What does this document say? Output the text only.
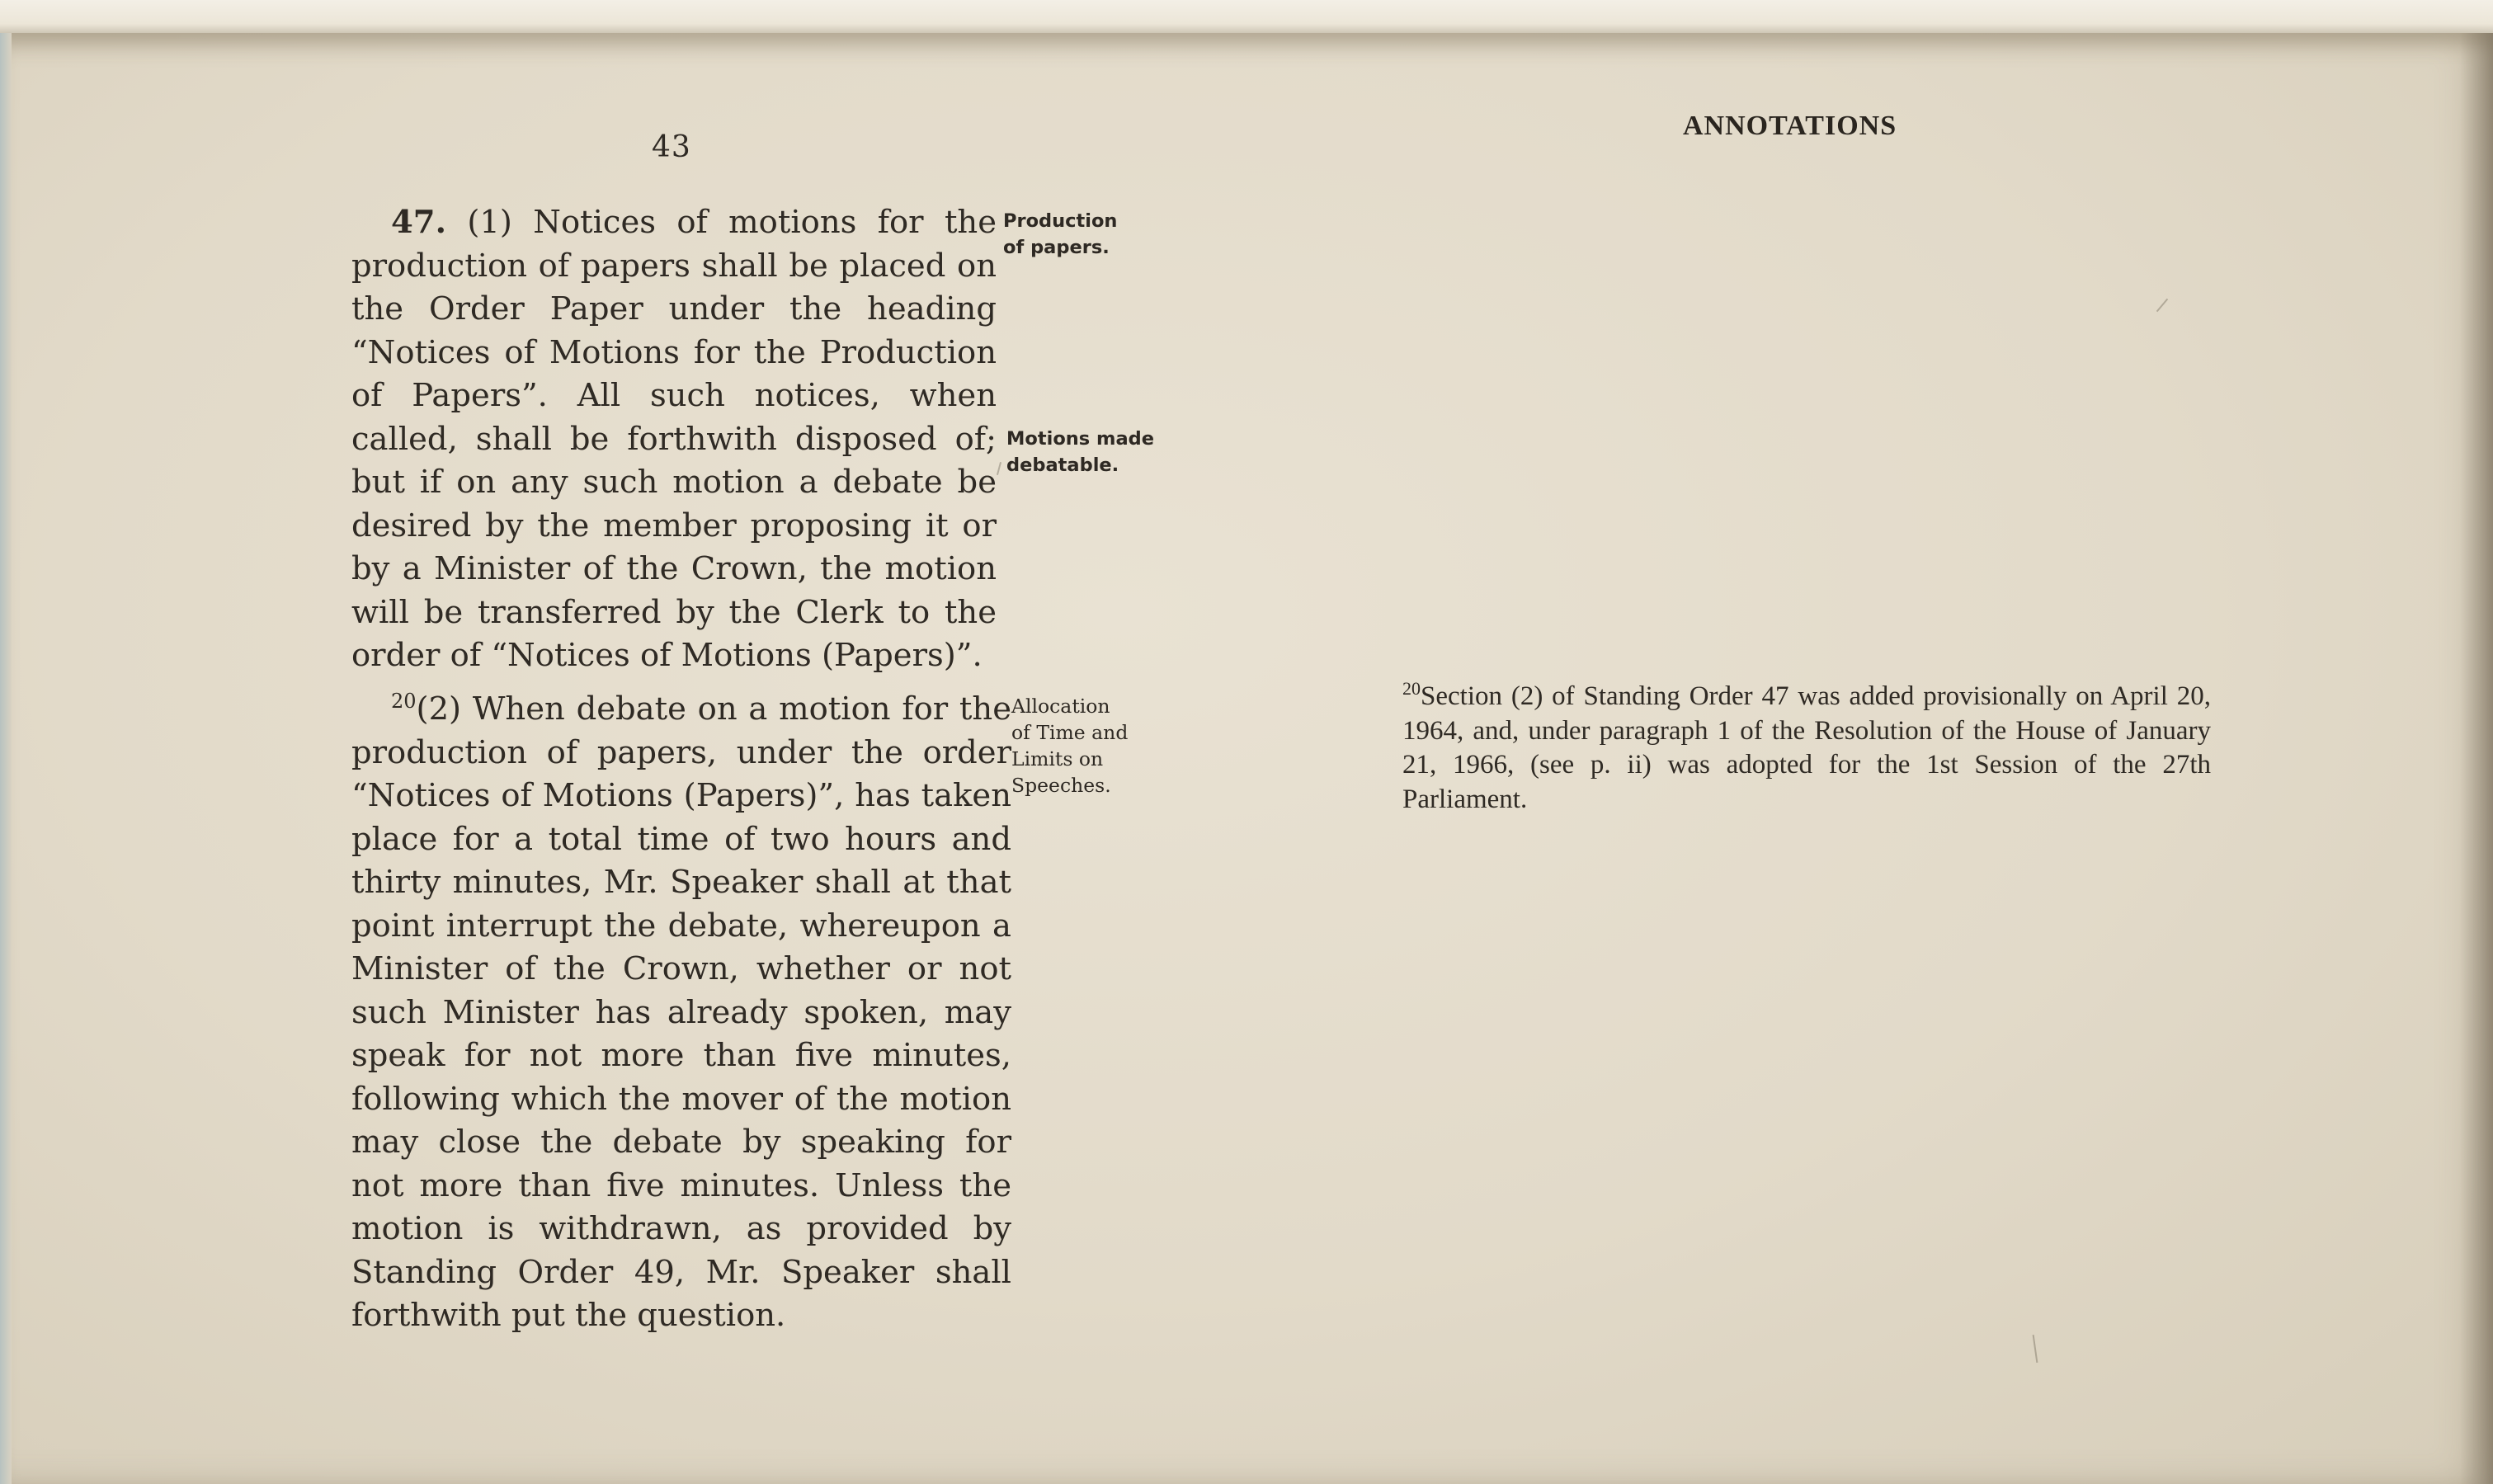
43
ANNOTATIONS
47. (1) Notices of motions for the production of papers shall be placed on the Order Paper under the heading “Notices of Motions for the Production of Papers”. All such notices, when called, shall be forthwith disposed of; but if on any such motion a debate be desired by the member proposing it or by a Minister of the Crown, the motion will be transferred by the Clerk to the order of “Notices of Motions (Papers)”.
$^{20}$(2) When debate on a motion for the production of papers, under the order “Notices of Motions (Papers)”, has taken place for a total time of two hours and thirty minutes, Mr. Speaker shall at that point interrupt the debate, whereupon a Minister of the Crown, whether or not such Minister has already spoken, may speak for not more than five minutes, following which the mover of the motion may close the debate by speaking for not more than five minutes. Unless the motion is withdrawn, as provided by Standing Order 49, Mr. Speaker shall forthwith put the question.
Production
of papers.
Motions made
debatable.
Allocation
of Time and
Limits on
Speeches.
$^{20}$Section (2) of Standing Order 47 was added provisionally on April 20, 1964, and, under paragraph 1 of the Resolution of the House of January 21, 1966, (see p. ii) was adopted for the 1st Session of the 27th Parliament.
